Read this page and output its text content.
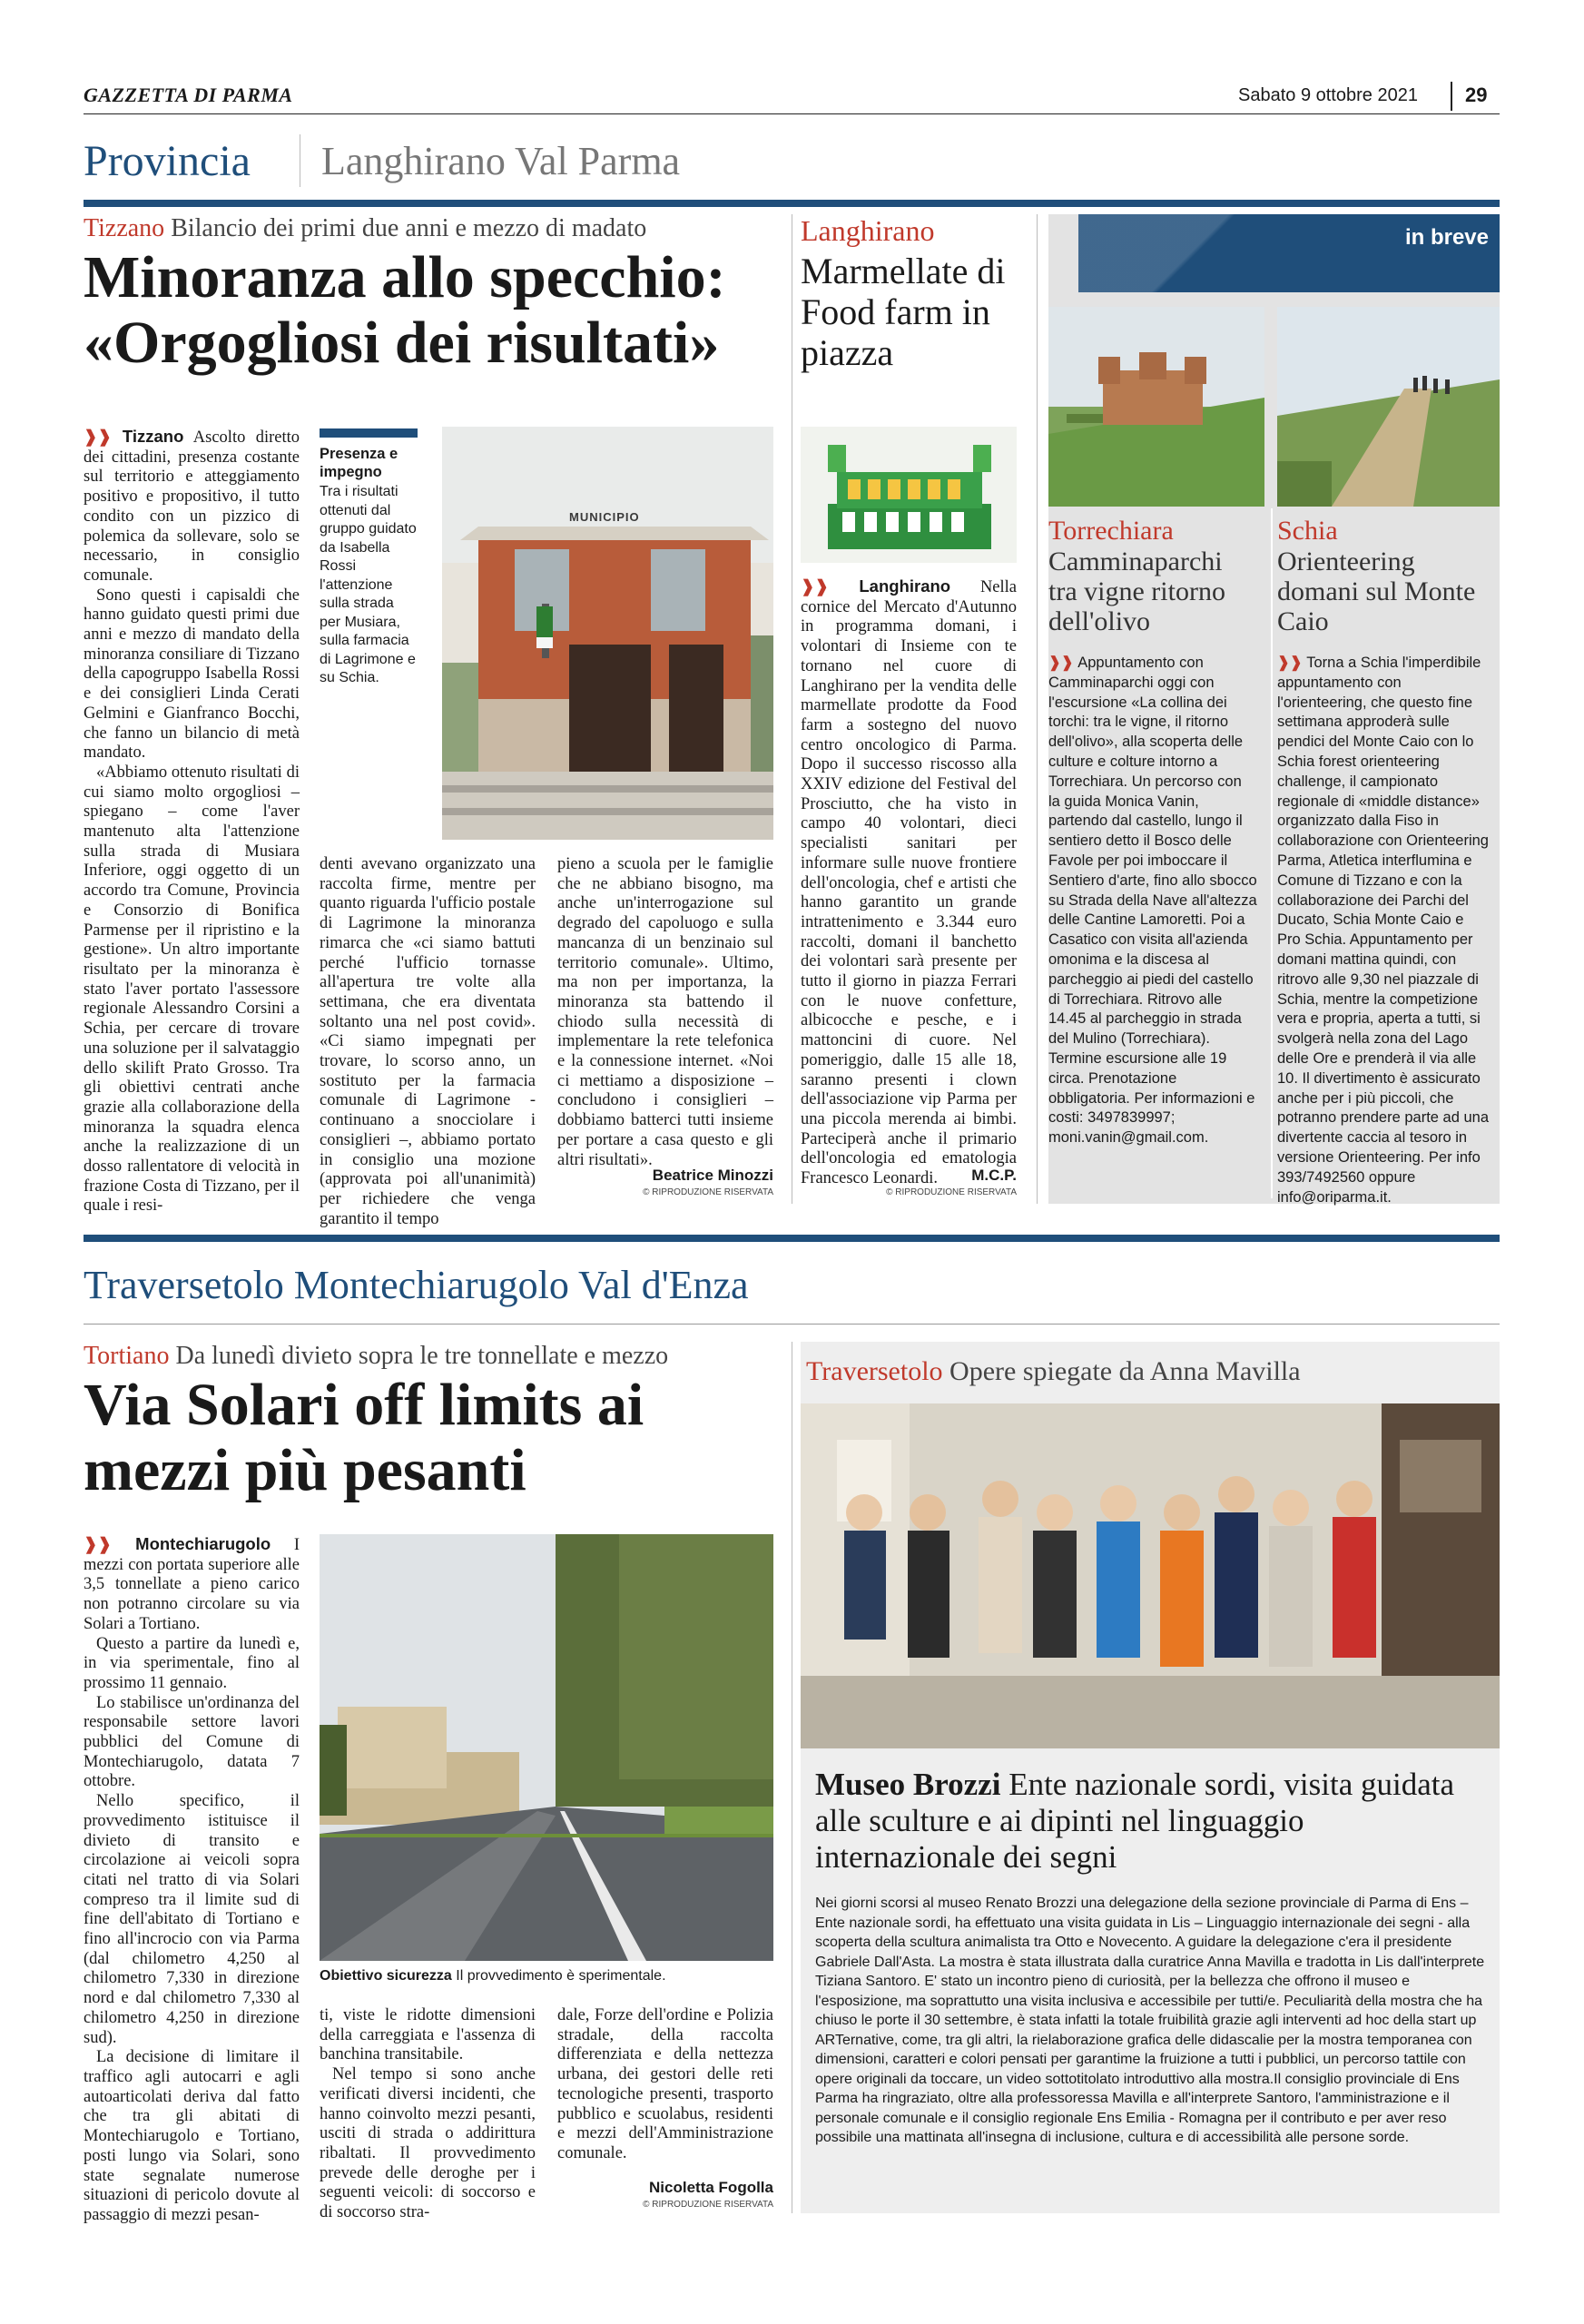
GAZZETTA DI PARMA	Sabato 9 ottobre 2021 29
Provincia Langhirano Val Parma
Tizzano Bilancio dei primi due anni e mezzo di madato
Minoranza allo specchio: «Orgogliosi dei risultati»

❱❱ Tizzano Ascolto diretto dei cittadini, presenza costante sul territorio e atteggiamento positivo e propositivo, il tutto condito con un pizzico di polemica da sollevare, solo se necessario, in consiglio comunale.

Sono questi i capisaldi che hanno guidato questi primi due anni e mezzo di mandato della minoranza consiliare di Tizzano della capogruppo Isabella Rossi e dei consiglieri Linda Cerati Gelmini e Gianfranco Bocchi, che fanno un bilancio di metà mandato.

«Abbiamo ottenuto risultati di cui siamo molto orgogliosi – spiegano – come l'aver mantenuto alta l'attenzione sulla strada di Musiara Inferiore, oggi oggetto di un accordo tra Comune, Provincia e Consorzio di Bonifica Parmense per il ripristino e la gestione». Un altro importante risultato per la minoranza è stato l'aver portato l'assessore regionale Alessandro Corsini a Schia, per cercare di trovare una soluzione per il salvataggio dello skilift Prato Grosso. Tra gli obiettivi centrati anche grazie alla collaborazione della minoranza la squadra elenca anche la realizzazione di un dosso rallentatore di velocità in frazione Costa di Tizzano, per il quale i resi-

Presenza e impegno
Tra i risultati ottenuti dal gruppo guidato da Isabella Rossi l'attenzione sulla strada per Musiara, sulla farmacia di Lagrimone e su Schia.
MUNICIPIO
denti avevano organizzato una raccolta firme, mentre per quanto riguarda l'ufficio postale di Lagrimone la minoranza rimarca che «ci siamo battuti perché l'ufficio tornasse all'apertura tre volte alla settimana, che era diventata soltanto una nel post covid». «Ci siamo impegnati per trovare, lo scorso anno, un sostituto per la farmacia comunale di Lagrimone - continuano a snocciolare i consiglieri –, abbiamo portato in consiglio una mozione (approvata poi all'unanimità) per richiedere che venga garantito il tempo
pieno a scuola per le famiglie che ne abbiano bisogno, ma anche un'interrogazione sul degrado del capoluogo e sulla mancanza di un benzinaio sul territorio comunale». Ultimo, ma non per importanza, la minoranza sta battendo il chiodo sulla necessità di implementare la rete telefonica e la connessione internet. «Noi ci mettiamo a disposizione – concludono i consiglieri – dobbiamo batterci tutti insieme per portare a casa questo e gli altri risultati».
Beatrice Minozzi
© RIPRODUZIONE RISERVATA
Langhirano
Marmellate di Food farm in piazza
❱❱ Langhirano Nella cornice del Mercato d'Autunno in programma domani, i volontari di Insieme con te tornano nel cuore di Langhirano per la vendita delle marmellate prodotte da Food farm a sostegno del nuovo centro oncologico di Parma. Dopo il successo riscosso alla XXIV edizione del Festival del Prosciutto, che ha visto in campo 40 volontari, dieci specialisti sanitari per informare sulle nuove frontiere dell'oncologia, chef e artisti che hanno garantito un grande intrattenimento e 3.344 euro raccolti, domani il banchetto dei volontari sarà presente per tutto il giorno in piazza Ferrari con le nuove confetture, albicocche e pesche, e i mattoncini di cuore. Nel pomeriggio, dalle 15 alle 18, saranno presenti i clown dell'associazione vip Parma per una piccola merenda ai bimbi. Parteciperà anche il primario dell'oncologia ed ematologia Francesco Leonardi.	M.C.P.
© RIPRODUZIONE RISERVATA
in breve
Torrechiara
Camminaparchi tra vigne ritorno dell'olivo
❱❱ Appuntamento con Camminaparchi oggi con l'escursione «La collina dei torchi: tra le vigne, il ritorno dell'olivo», alla scoperta delle culture e colture intorno a Torrechiara. Un percorso con la guida Monica Vanin, partendo dal castello, lungo il sentiero detto il Bosco delle Favole per poi imboccare il Sentiero d'arte, fino allo sbocco su Strada della Nave all'altezza delle Cantine Lamoretti. Poi a Casatico con visita all'azienda omonima e la discesa al parcheggio ai piedi del castello di Torrechiara. Ritrovo alle 14.45 al parcheggio in strada del Mulino (Torrechiara). Termine escursione alle 19 circa. Prenotazione obbligatoria. Per informazioni e costi: 3497839997; moni.vanin@gmail.com.
Schia
Orienteering domani sul Monte Caio
❱❱ Torna a Schia l'imperdibile appuntamento con l'orienteering, che questo fine settimana approderà sulle pendici del Monte Caio con lo Schia forest orienteering challenge, il campionato regionale di «middle distance» organizzato dalla Fiso in collaborazione con Orienteering Parma, Atletica interflumina e Comune di Tizzano e con la collaborazione dei Parchi del Ducato, Schia Monte Caio e Pro Schia. Appuntamento per domani mattina quindi, con ritrovo alle 9,30 nel piazzale di Schia, mentre la competizione vera e propria, aperta a tutti, si svolgerà nella zona del Lago delle Ore e prenderà il via alle 10. Il divertimento è assicurato anche per i più piccoli, che potranno prendere parte ad una divertente caccia al tesoro in versione Orienteering. Per info 393/7492560 oppure info@oriparma.it.
Traversetolo Montechiarugolo Val d'Enza
Tortiano Da lunedì divieto sopra le tre tonnellate e mezzo
Via Solari off limits ai mezzi più pesanti

❱❱ Montechiarugolo I mezzi con portata superiore alle 3,5 tonnellate a pieno carico non potranno circolare su via Solari a Tortiano.

Questo a partire da lunedì e, in via sperimentale, fino al prossimo 11 gennaio.

Lo stabilisce un'ordinanza del responsabile settore lavori pubblici del Comune di Montechiarugolo, datata 7 ottobre.

Nello specifico, il provvedimento istituisce il divieto di transito e circolazione ai veicoli sopra citati nel tratto di via Solari compreso tra il limite sud di fine dell'abitato di Tortiano e fino all'incrocio con via Parma (dal chilometro 4,250 al chilometro 7,330 in direzione nord e dal chilometro 7,330 al chilometro 4,250 in direzione sud).

La decisione di limitare il traffico agli autocarri e agli autoarticolati deriva dal fatto che tra gli abitati di Montechiarugolo e Tortiano, posti lungo via Solari, sono state segnalate numerose situazioni di pericolo dovute al passaggio di mezzi pesan-

Obiettivo sicurezza Il provvedimento è sperimentale.

ti, viste le ridotte dimensioni della carreggiata e l'assenza di banchina transitabile.

Nel tempo si sono anche verificati diversi incidenti, che hanno coinvolto mezzi pesanti, usciti di strada o addirittura ribaltati. Il provvedimento prevede delle deroghe per i seguenti veicoli: di soccorso e di soccorso stra-

dale, Forze dell'ordine e Polizia stradale, della raccolta differenziata e della nettezza urbana, dei gestori delle reti tecnologiche presenti, trasporto pubblico e scuolabus, residenti e mezzi dell'Amministrazione comunale.
Nicoletta Fogolla
© RIPRODUZIONE RISERVATA
Traversetolo Opere spiegate da Anna Mavilla
Museo Brozzi Ente nazionale sordi, visita guidata alle sculture e ai dipinti nel linguaggio internazionale dei segni
Nei giorni scorsi al museo Renato Brozzi una delegazione della sezione provinciale di Parma di Ens – Ente nazionale sordi, ha effettuato una visita guidata in Lis – Linguaggio internazionale dei segni - alla scoperta della scultura animalista tra Otto e Novecento. A guidare la delegazione c'era il presidente Gabriele Dall'Asta. La mostra è stata illustrata dalla curatrice Anna Mavilla e tradotta in Lis dall'interprete Tiziana Santoro. E' stato un incontro pieno di curiosità, per la bellezza che offrono il museo e l'esposizione, ma soprattutto una visita inclusiva e accessibile per tutti/e. Peculiarità della mostra che ha chiuso le porte il 30 settembre, è stata infatti la totale fruibilità grazie agli interventi ad hoc della start up ARTernative, come, tra gli altri, la rielaborazione grafica delle didascalie per la mostra temporanea con dimensioni, caratteri e colori pensati per garantime la fruizione a tutti i pubblici, un percorso tattile con opere originali da toccare, un video sottotitolato introduttivo alla mostra.Il consiglio provinciale di Ens Parma ha ringraziato, oltre alla professoressa Mavilla e all'interprete Santoro, l'amministrazione e il personale comunale e il consiglio regionale Ens Emilia - Romagna per il contributo e per aver reso possibile una mattinata all'insegna di inclusione, cultura e di accessibilità alle persone sorde.
